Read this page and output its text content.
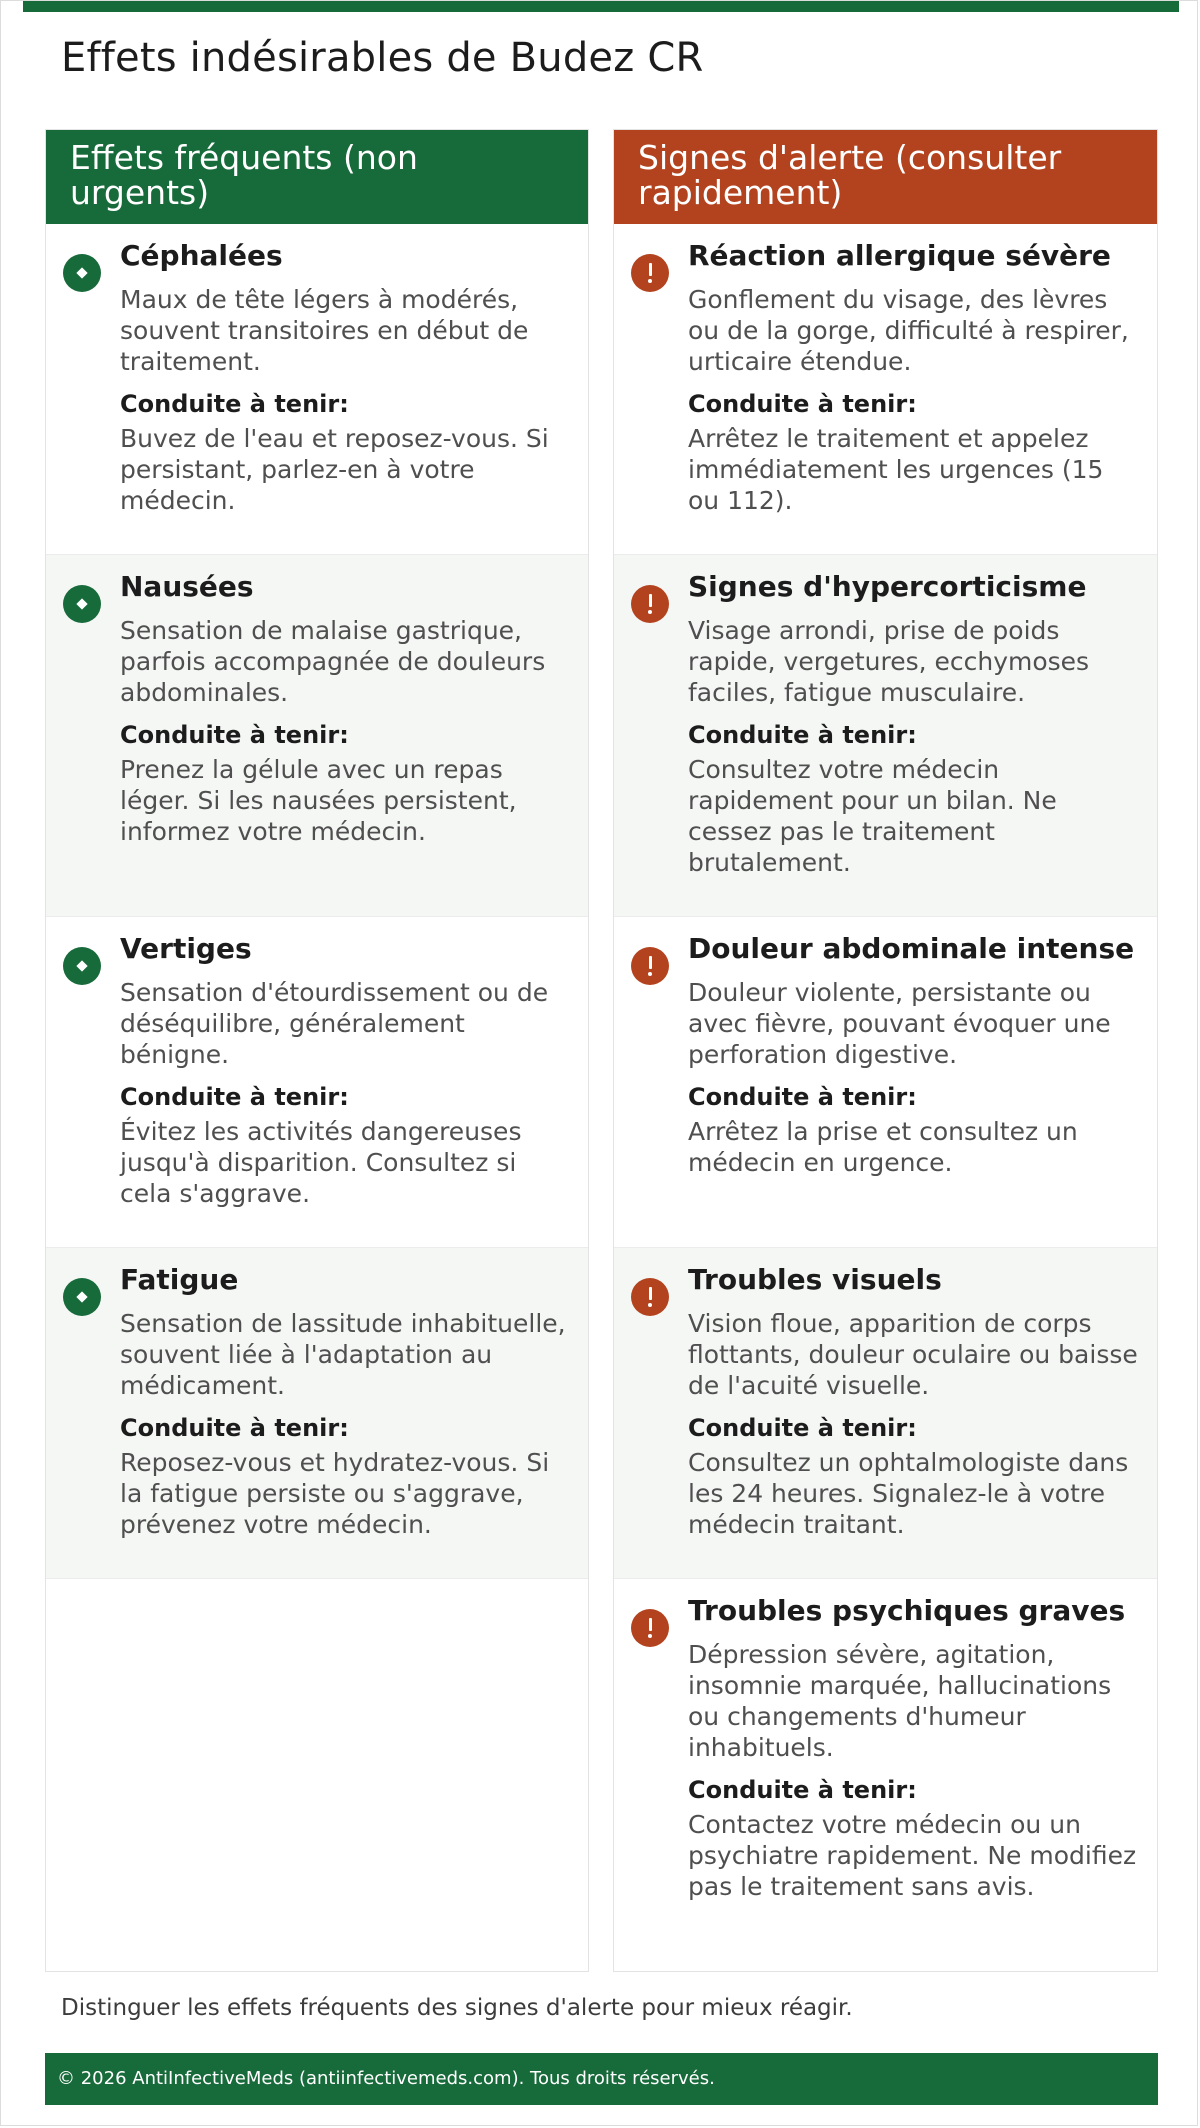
Effets indésirables de Budez CR
Effets fréquents (non urgents)
Céphalées

Maux de tête légers à modérés, souvent transitoires en début de traitement.

Conduite à tenir:

Buvez de l'eau et reposez-vous. Si persistant, parlez-en à votre médecin.

Nausées

Sensation de malaise gastrique, parfois accompagnée de douleurs abdominales.

Conduite à tenir:

Prenez la gélule avec un repas léger. Si les nausées persistent, informez votre médecin.

Vertiges

Sensation d'étourdissement ou de déséquilibre, généralement bénigne.

Conduite à tenir:

Évitez les activités dangereuses jusqu'à disparition. Consultez si cela s'aggrave.

Fatigue

Sensation de lassitude inhabituelle, souvent liée à l'adaptation au médicament.

Conduite à tenir:

Reposez-vous et hydratez-vous. Si la fatigue persiste ou s'aggrave, prévenez votre médecin.

Signes d'alerte (consulter rapidement)
Réaction allergique sévère

Gonflement du visage, des lèvres ou de la gorge, difficulté à respirer, urticaire étendue.

Conduite à tenir:

Arrêtez le traitement et appelez immédiatement les urgences (15 ou 112).

Signes d'hypercorticisme

Visage arrondi, prise de poids rapide, vergetures, ecchymoses faciles, fatigue musculaire.

Conduite à tenir:

Consultez votre médecin rapidement pour un bilan. Ne cessez pas le traitement brutalement.

Douleur abdominale intense

Douleur violente, persistante ou avec fièvre, pouvant évoquer une perforation digestive.

Conduite à tenir:

Arrêtez la prise et consultez un médecin en urgence.

Troubles visuels

Vision floue, apparition de corps flottants, douleur oculaire ou baisse de l'acuité visuelle.

Conduite à tenir:

Consultez un ophtalmologiste dans les 24 heures. Signalez-le à votre médecin traitant.

Troubles psychiques graves

Dépression sévère, agitation, insomnie marquée, hallucinations ou changements d'humeur inhabituels.

Conduite à tenir:

Contactez votre médecin ou un psychiatre rapidement. Ne modifiez pas le traitement sans avis.

Distinguer les effets fréquents des signes d'alerte pour mieux réagir.

© 2026 AntiInfectiveMeds (antiinfectivemeds.com). Tous droits réservés.
